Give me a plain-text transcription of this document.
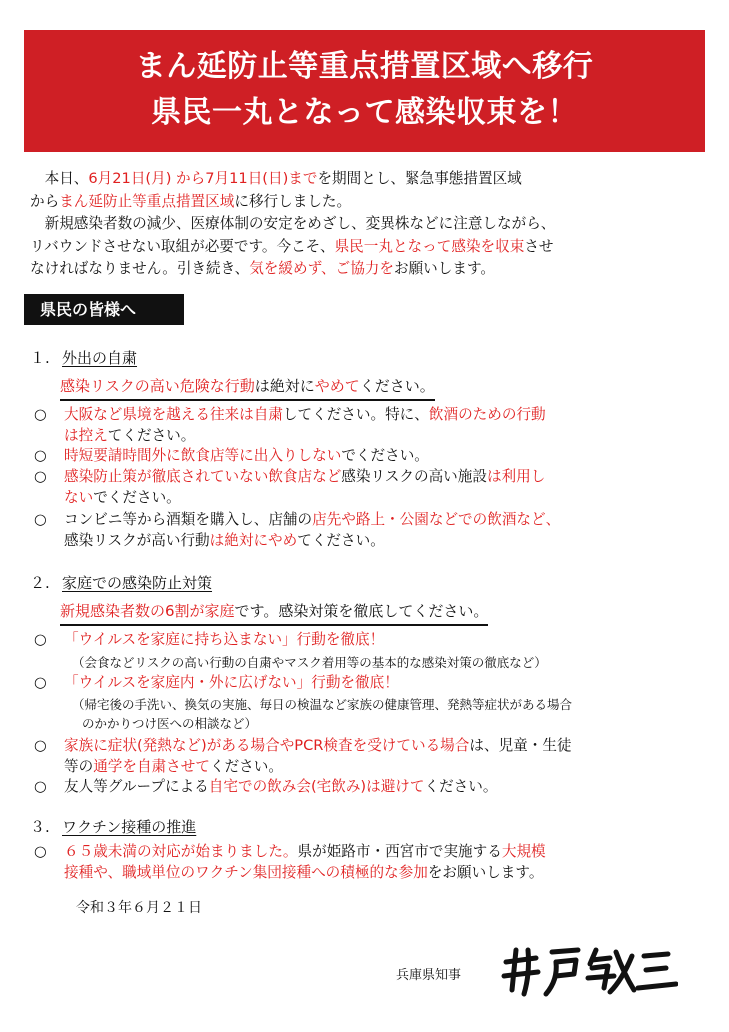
まん延防止等重点措置区域へ移行
県民一丸となって感染収束を！
　本日、6月21日(月) から7月11日(日)までを期間とし、緊急事態措置区域
からまん延防止等重点措置区域に移行しました。
　新規感染者数の減少、医療体制の安定をめざし、変異株などに注意しながら、
リバウンドさせない取組が必要です。今こそ、県民一丸となって感染を収束させ
なければなりません。引き続き、気を緩めず、ご協力をお願いします。
県民の皆様へ
１. 外出の自粛
感染リスクの高い危険な行動は絶対にやめてください。
○ 大阪など県境を越える往来は自粛してください。特に、飲酒のための行動
は控えてください。
○ 時短要請時間外に飲食店等に出入りしないでください。
○ 感染防止策が徹底されていない飲食店など感染リスクの高い施設は利用し
ないでください。
○ コンビニ等から酒類を購入し、店舗の店先や路上・公園などでの飲酒など、
感染リスクが高い行動は絶対にやめてください。
２. 家庭での感染防止対策
新規感染者数の6割が家庭です。感染対策を徹底してください。
○ 「ウイルスを家庭に持ち込まない」行動を徹底！
（会食などリスクの高い行動の自粛やマスク着用等の基本的な感染対策の徹底など）
○ 「ウイルスを家庭内・外に広げない」行動を徹底！
（帰宅後の手洗い、換気の実施、毎日の検温など家族の健康管理、発熱等症状がある場合
のかかりつけ医への相談など）
○ 家族に症状(発熱など)がある場合やPCR検査を受けている場合は、児童・生徒
等の通学を自粛させてください。
○ 友人等グループによる自宅での飲み会(宅飲み)は避けてください。
３. ワクチン接種の推進
○ ６５歳未満の対応が始まりました。県が姫路市・西宮市で実施する大規模
接種や、職域単位のワクチン集団接種への積極的な参加をお願いします。
令和３年６月２１日
兵庫県知事
